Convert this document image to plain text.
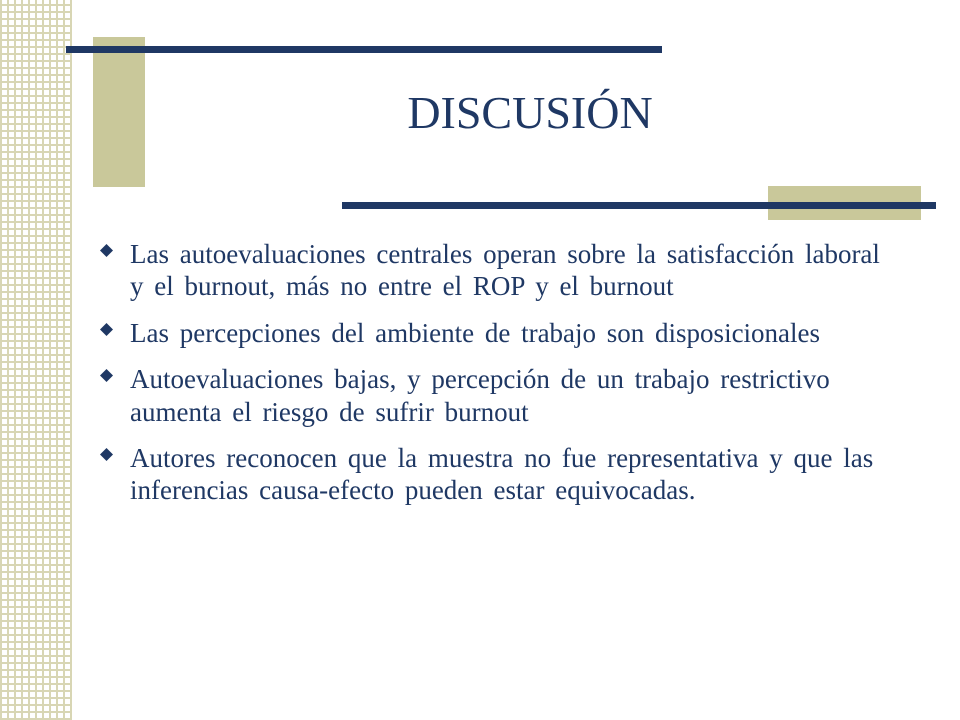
DISCUSIÓN
Las autoevaluaciones centrales operan sobre la satisfacción laboral y el burnout, más no entre el ROP y el burnout
Las percepciones del ambiente de trabajo son disposicionales
Autoevaluaciones bajas, y percepción de un trabajo restrictivo aumenta el riesgo de sufrir burnout
Autores reconocen que la muestra no fue representativa y que las inferencias causa-efecto pueden estar equivocadas.
